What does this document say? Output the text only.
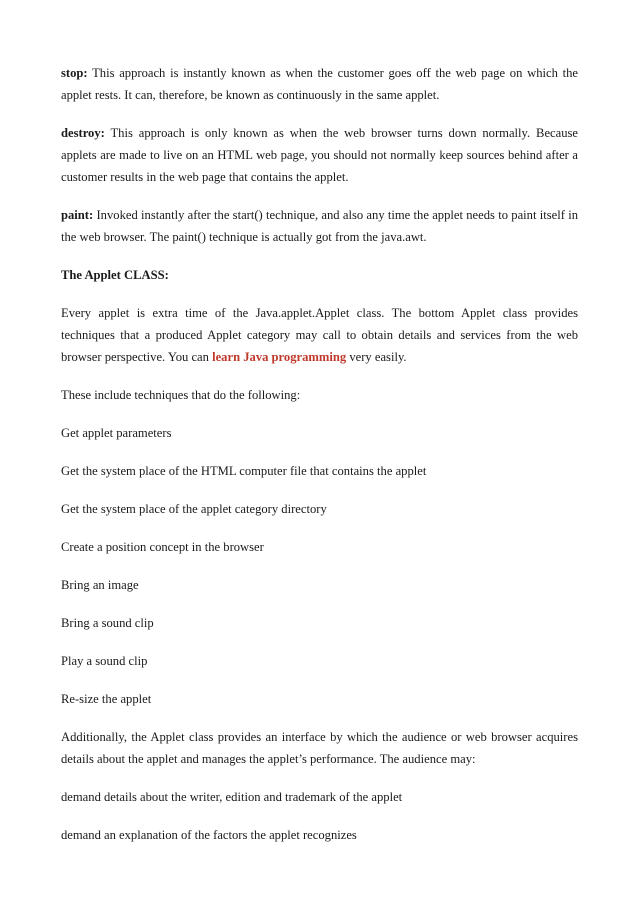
stop: This approach is instantly known as when the customer goes off the web page on which the applet rests. It can, therefore, be known as continuously in the same applet.

destroy: This approach is only known as when the web browser turns down normally. Because applets are made to live on an HTML web page, you should not normally keep sources behind after a customer results in the web page that contains the applet.

paint: Invoked instantly after the start() technique, and also any time the applet needs to paint itself in the web browser. The paint() technique is actually got from the java.awt.

The Applet CLASS:

Every applet is extra time of the Java.applet.Applet class. The bottom Applet class provides techniques that a produced Applet category may call to obtain details and services from the web browser perspective. You can learn Java programming very easily.

These include techniques that do the following:

Get applet parameters

Get the system place of the HTML computer file that contains the applet

Get the system place of the applet category directory

Create a position concept in the browser

Bring an image

Bring a sound clip

Play a sound clip

Re-size the applet

Additionally, the Applet class provides an interface by which the audience or web browser acquires details about the applet and manages the applet’s performance. The audience may:

demand details about the writer, edition and trademark of the applet

demand an explanation of the factors the applet recognizes
